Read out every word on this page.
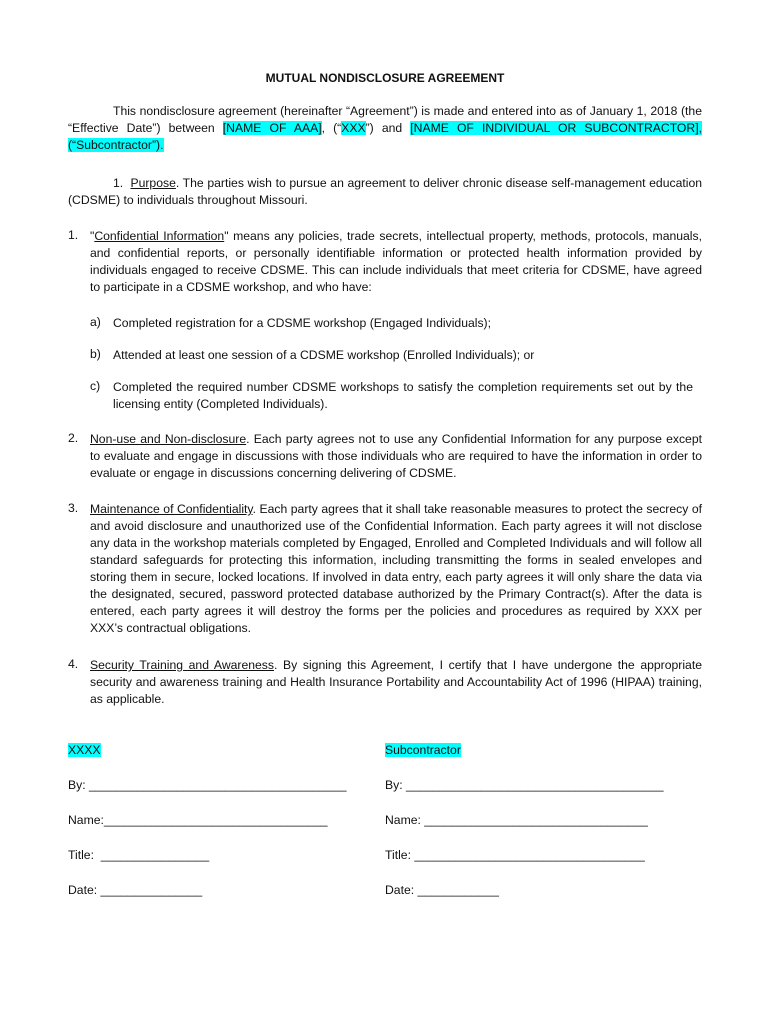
MUTUAL NONDISCLOSURE AGREEMENT

This nondisclosure agreement (hereinafter “Agreement”) is made and entered into as of January 1, 2018 (the “Effective Date”) between [NAME OF AAA], (“XXX”) and [NAME OF INDIVIDUAL OR SUBCONTRACTOR], (“Subcontractor”).

1. Purpose. The parties wish to pursue an agreement to deliver chronic disease self-management education (CDSME) to individuals throughout Missouri.

1. "Confidential Information" means any policies, trade secrets, intellectual property, methods, protocols, manuals, and confidential reports, or personally identifiable information or protected health information provided by individuals engaged to receive CDSME. This can include individuals that meet criteria for CDSME, have agreed to participate in a CDSME workshop, and who have:

a) Completed registration for a CDSME workshop (Engaged Individuals);

b) Attended at least one session of a CDSME workshop (Enrolled Individuals); or

c) Completed the required number CDSME workshops to satisfy the completion requirements set out by the licensing entity (Completed Individuals).

2. Non-use and Non-disclosure. Each party agrees not to use any Confidential Information for any purpose except to evaluate and engage in discussions with those individuals who are required to have the information in order to evaluate or engage in discussions concerning delivering of CDSME.

3. Maintenance of Confidentiality. Each party agrees that it shall take reasonable measures to protect the secrecy of and avoid disclosure and unauthorized use of the Confidential Information. Each party agrees it will not disclose any data in the workshop materials completed by Engaged, Enrolled and Completed Individuals and will follow all standard safeguards for protecting this information, including transmitting the forms in sealed envelopes and storing them in secure, locked locations. If involved in data entry, each party agrees it will only share the data via the designated, secured, password protected database authorized by the Primary Contract(s). After the data is entered, each party agrees it will destroy the forms per the policies and procedures as required by XXX per XXX’s contractual obligations.

4. Security Training and Awareness. By signing this Agreement, I certify that I have undergone the appropriate security and awareness training and Health Insurance Portability and Accountability Act of 1996 (HIPAA) training, as applicable.

XXXX
By: ______________________________________
Name:_________________________________
Title:  ________________
Date: _______________
Subcontractor
By: ______________________________________
Name: _________________________________
Title: __________________________________
Date: ____________
